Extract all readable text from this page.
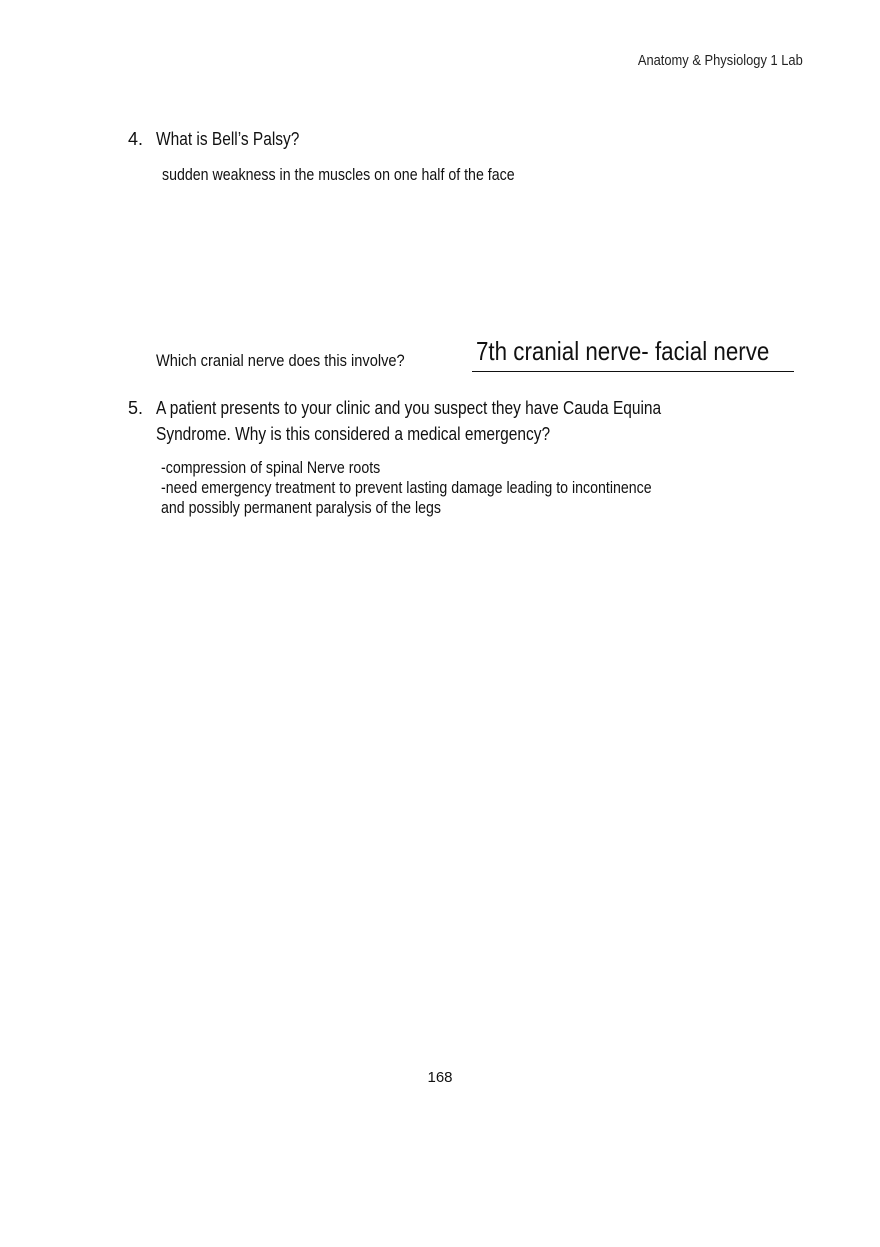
Anatomy & Physiology 1 Lab
4. What is Bell’s Palsy?
sudden weakness in the muscles on one half of the face
Which cranial nerve does this involve?	7th cranial nerve- facial nerve
5. A patient presents to your clinic and you suspect they have Cauda Equina
Syndrome. Why is this considered a medical emergency?
-compression of spinal Nerve roots
-need emergency treatment to prevent lasting damage leading to incontinence
and possibly permanent paralysis of the legs
168
